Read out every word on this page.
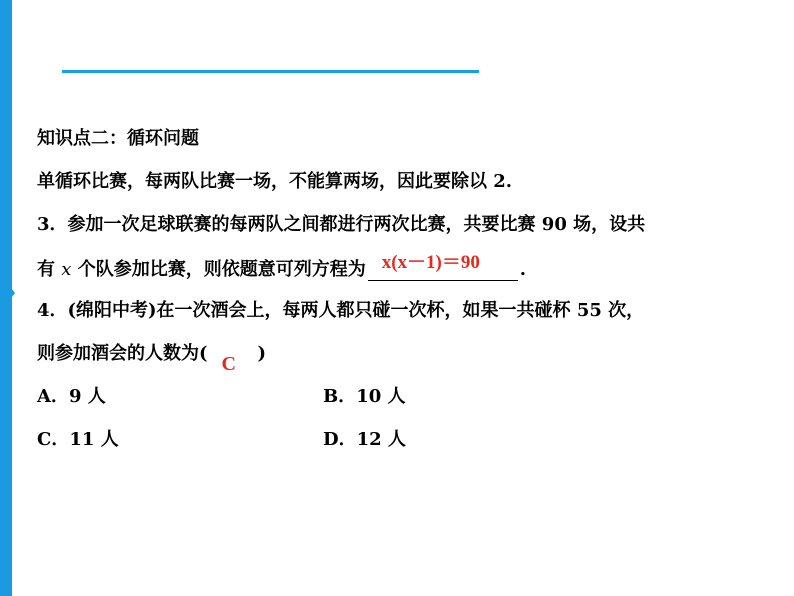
知识点二：循环问题
单循环比赛，每两队比赛一场，不能算两场，因此要除以 2.
3．参加一次足球联赛的每两队之间都进行两次比赛，共要比赛 90 场，设共
有 x 个队参加比赛，则依题意可列方程为 x(x－1)＝90 .
4．(绵阳中考)在一次酒会上，每两人都只碰一次杯，如果一共碰杯 55 次，
则参加酒会的人数为( C )
A．9 人	B．10 人
C．11 人	D．12 人
